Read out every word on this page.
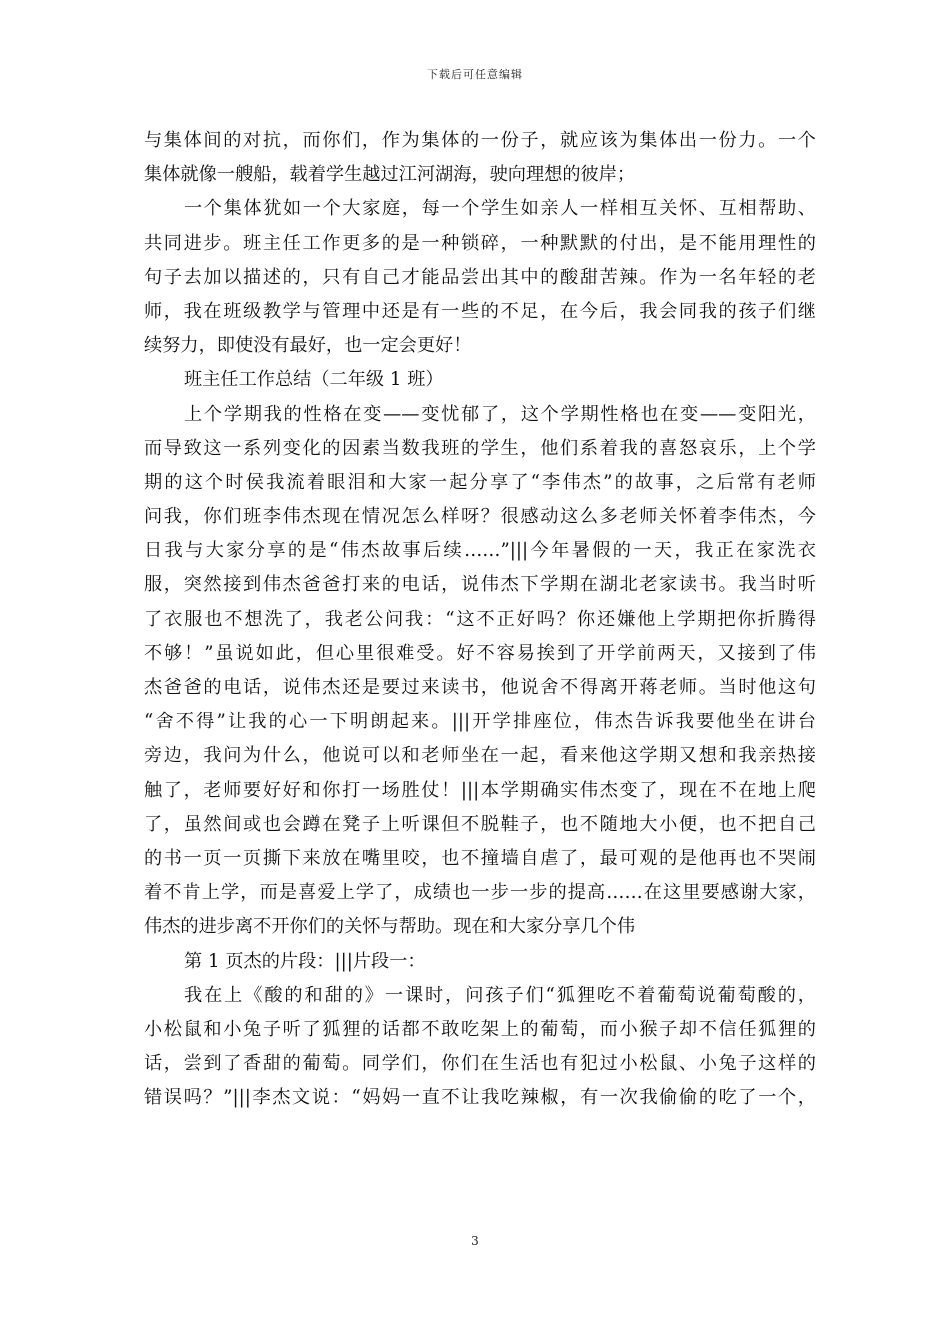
下载后可任意编辑
与集体间的对抗，而你们，作为集体的一份子，就应该为集体出一份力。一个
集体就像一艘船，载着学生越过江河湖海，驶向理想的彼岸；
一个集体犹如一个大家庭，每一个学生如亲人一样相互关怀、互相帮助、
共同进步。班主任工作更多的是一种锁碎，一种默默的付出，是不能用理性的
句子去加以描述的，只有自己才能品尝出其中的酸甜苦辣。作为一名年轻的老
师，我在班级教学与管理中还是有一些的不足，在今后，我会同我的孩子们继
续努力，即使没有最好，也一定会更好！
班主任工作总结（二年级 1 班）
上个学期我的性格在变——变忧郁了，这个学期性格也在变——变阳光，
而导致这一系列变化的因素当数我班的学生，他们系着我的喜怒哀乐，上个学
期的这个时侯我流着眼泪和大家一起分享了“李伟杰”的故事，之后常有老师
问我，你们班李伟杰现在情况怎么样呀？很感动这么多老师关怀着李伟杰，今
日我与大家分享的是“伟杰故事后续……”|||今年暑假的一天，我正在家洗衣
服，突然接到伟杰爸爸打来的电话，说伟杰下学期在湖北老家读书。我当时听
了衣服也不想洗了，我老公问我：“这不正好吗？你还嫌他上学期把你折腾得
不够！”虽说如此，但心里很难受。好不容易挨到了开学前两天，又接到了伟
杰爸爸的电话，说伟杰还是要过来读书，他说舍不得离开蒋老师。当时他这句
“舍不得”让我的心一下明朗起来。|||开学排座位，伟杰告诉我要他坐在讲台
旁边，我问为什么，他说可以和老师坐在一起，看来他这学期又想和我亲热接
触了，老师要好好和你打一场胜仗！|||本学期确实伟杰变了，现在不在地上爬
了，虽然间或也会蹲在凳子上听课但不脱鞋子，也不随地大小便，也不把自己
的书一页一页撕下来放在嘴里咬，也不撞墙自虐了，最可观的是他再也不哭闹
着不肯上学，而是喜爱上学了，成绩也一步一步的提高……在这里要感谢大家，
伟杰的进步离不开你们的关怀与帮助。现在和大家分享几个伟
第 1 页杰的片段：|||片段一：
我在上《酸的和甜的》一课时，问孩子们“狐狸吃不着葡萄说葡萄酸的，
小松鼠和小兔子听了狐狸的话都不敢吃架上的葡萄，而小猴子却不信任狐狸的
话，尝到了香甜的葡萄。同学们，你们在生活也有犯过小松鼠、小兔子这样的
错误吗？”|||李杰文说：“妈妈一直不让我吃辣椒，有一次我偷偷的吃了一个，
3
